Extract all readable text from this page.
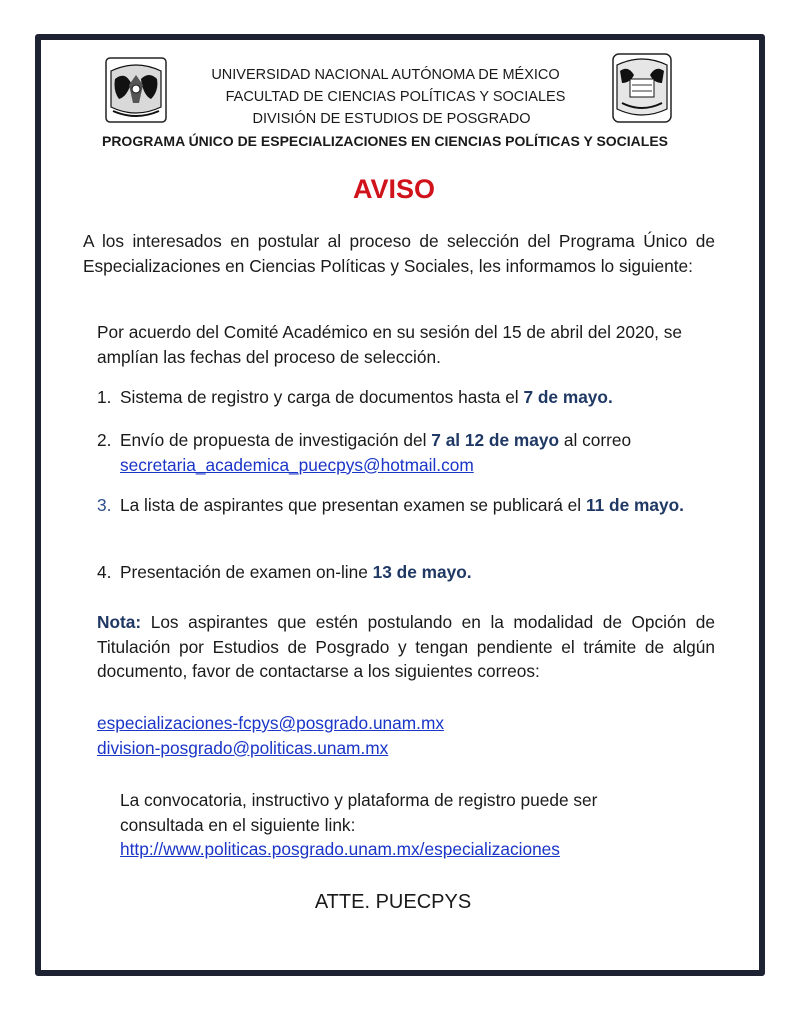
UNIVERSIDAD NACIONAL AUTÓNOMA DE MÉXICO
FACULTAD DE CIENCIAS POLÍTICAS Y SOCIALES
DIVISIÓN DE ESTUDIOS DE POSGRADO
PROGRAMA ÚNICO DE ESPECIALIZACIONES EN CIENCIAS POLÍTICAS Y SOCIALES
AVISO
A los interesados en postular al proceso de selección del Programa Único de Especializaciones en Ciencias Políticas y Sociales, les informamos lo siguiente:
Por acuerdo del Comité Académico en su sesión del 15 de abril del 2020, se amplían las fechas del proceso de selección.
1. Sistema de registro y carga de documentos hasta el 7 de mayo.
2. Envío de propuesta de investigación del 7 al 12 de mayo al correo
secretaria_academica_puecpys@hotmail.com
3. La lista de aspirantes que presentan examen se publicará el 11 de mayo.
4. Presentación de examen on-line 13 de mayo.
Nota: Los aspirantes que estén postulando en la modalidad de Opción de Titulación por Estudios de Posgrado y tengan pendiente el trámite de algún documento, favor de contactarse a los siguientes correos:
especializaciones-fcpys@posgrado.unam.mx
division-posgrado@politicas.unam.mx
La convocatoria, instructivo y plataforma de registro puede ser consultada en el siguiente link:
http://www.politicas.posgrado.unam.mx/especializaciones
ATTE. PUECPYS
